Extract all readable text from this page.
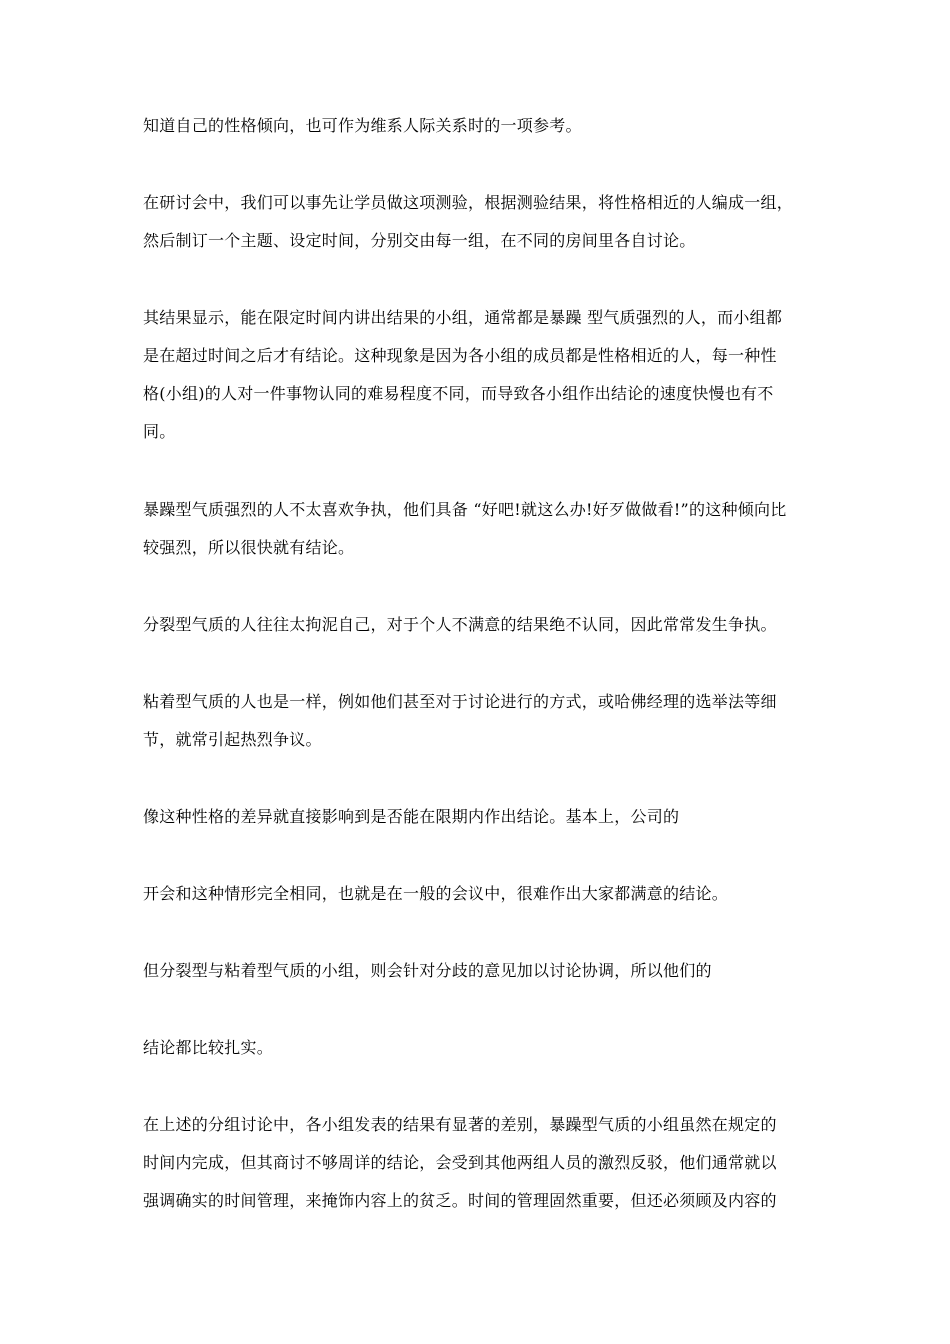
知道自己的性格倾向，也可作为维系人际关系时的一项参考。

在研讨会中，我们可以事先让学员做这项测验，根据测验结果，将性格相近的人编成一组，
然后制订一个主题、设定时间，分别交由每一组，在不同的房间里各自讨论。

其结果显示，能在限定时间内讲出结果的小组，通常都是暴躁 型气质强烈的人，而小组都
是在超过时间之后才有结论。这种现象是因为各小组的成员都是性格相近的人，每一种性
格(小组)的人对一件事物认同的难易程度不同，而导致各小组作出结论的速度快慢也有不
同。

暴躁型气质强烈的人不太喜欢争执，他们具备 “好吧!就这么办!好歹做做看!”的这种倾向比
较强烈，所以很快就有结论。

分裂型气质的人往往太拘泥自己，对于个人不满意的结果绝不认同，因此常常发生争执。

粘着型气质的人也是一样，例如他们甚至对于讨论进行的方式，或哈佛经理的选举法等细
节，就常引起热烈争议。

像这种性格的差异就直接影响到是否能在限期内作出结论。基本上，公司的

开会和这种情形完全相同，也就是在一般的会议中，很难作出大家都满意的结论。

但分裂型与粘着型气质的小组，则会针对分歧的意见加以讨论协调，所以他们的

结论都比较扎实。

在上述的分组讨论中，各小组发表的结果有显著的差别，暴躁型气质的小组虽然在规定的
时间内完成，但其商讨不够周详的结论，会受到其他两组人员的激烈反驳，他们通常就以
强调确实的时间管理，来掩饰内容上的贫乏。时间的管理固然重要，但还必须顾及内容的
